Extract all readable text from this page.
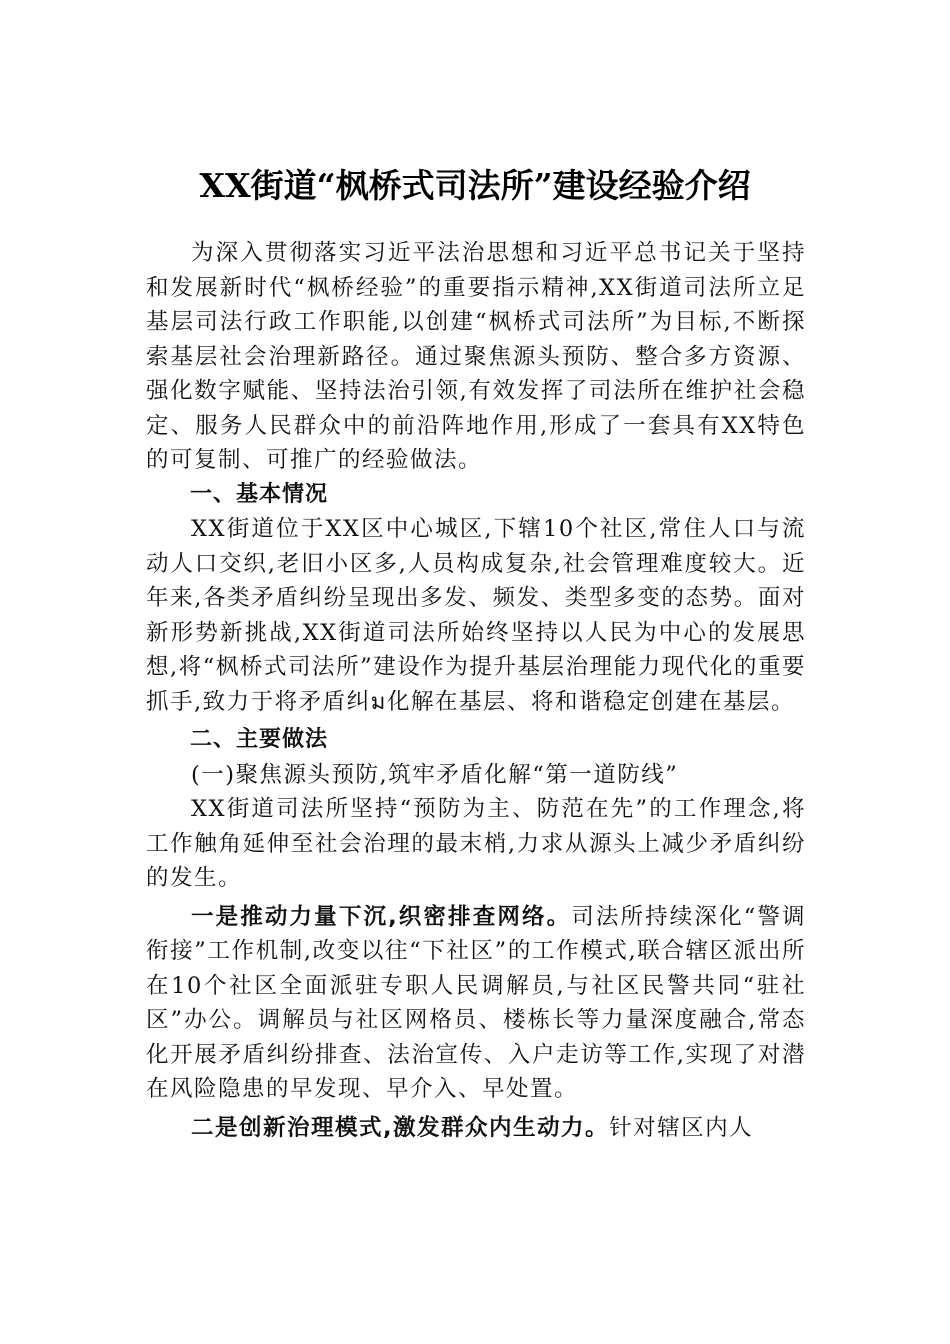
XX街道“枫桥式司法所”建设经验介绍

为深入贯彻落实习近平法治思想和习近平总书记关于坚持和发展新时代“枫桥经验”的重要指示精神,XX街道司法所立足基层司法行政工作职能,以创建“枫桥式司法所”为目标,不断探索基层社会治理新路径。通过聚焦源头预防、整合多方资源、强化数字赋能、坚持法治引领,有效发挥了司法所在维护社会稳定、服务人民群众中的前沿阵地作用,形成了一套具有XX特色的可复制、可推广的经验做法。

一、基本情况

XX街道位于XX区中心城区,下辖10个社区,常住人口与流动人口交织,老旧小区多,人员构成复杂,社会管理难度较大。近年来,各类矛盾纠纷呈现出多发、频发、类型多变的态势。面对新形势新挑战,XX街道司法所始终坚持以人民为中心的发展思想,将“枫桥式司法所”建设作为提升基层治理能力现代化的重要抓手,致力于将矛盾纠ม化解在基层、将和谐稳定创建在基层。

二、主要做法

(一)聚焦源头预防,筑牢矛盾化解“第一道防线”

XX街道司法所坚持“预防为主、防范在先”的工作理念,将工作触角延伸至社会治理的最末梢,力求从源头上减少矛盾纠纷的发生。

一是推动力量下沉,织密排查网络。司法所持续深化“警调衔接”工作机制,改变以往“下社区”的工作模式,联合辖区派出所在10个社区全面派驻专职人民调解员,与社区民警共同“驻社区”办公。调解员与社区网格员、楼栋长等力量深度融合,常态化开展矛盾纠纷排查、法治宣传、入户走访等工作,实现了对潜在风险隐患的早发现、早介入、早处置。

二是创新治理模式,激发群众内生动力。针对辖区内人
